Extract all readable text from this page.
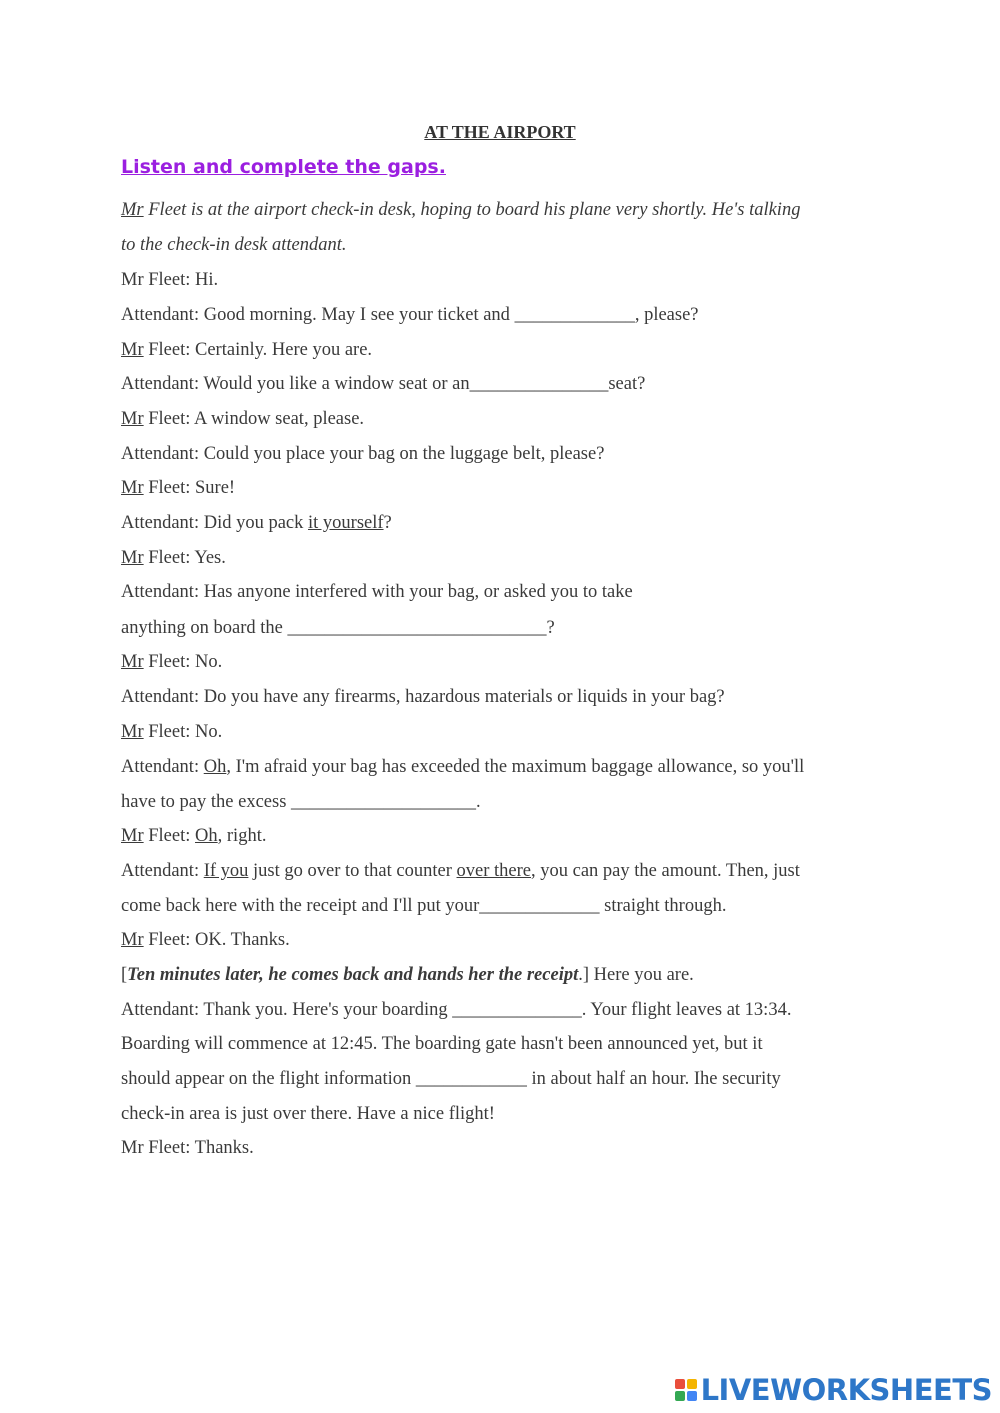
AT THE AIRPORT
Listen and complete the gaps.
Mr Fleet is at the airport check-in desk, hoping to board his plane very shortly. He's talking
to the check-in desk attendant.
Mr Fleet: Hi.
Attendant: Good morning. May I see your ticket and _____________, please?
Mr Fleet: Certainly. Here you are.
Attendant: Would you like a window seat or an_______________seat?
Mr Fleet: A window seat, please.
Attendant: Could you place your bag on the luggage belt, please?
Mr Fleet: Sure!
Attendant: Did you pack it yourself?
Mr Fleet: Yes.
Attendant: Has anyone interfered with your bag, or asked you to take
anything on board the ____________________________?
Mr Fleet: No.
Attendant: Do you have any firearms, hazardous materials or liquids in your bag?
Mr Fleet: No.
Attendant: Oh, I'm afraid your bag has exceeded the maximum baggage allowance, so you'll
have to pay the excess ____________________.
Mr Fleet: Oh, right.
Attendant: If you just go over to that counter over there, you can pay the amount. Then, just
come back here with the receipt and I'll put your_____________ straight through.
Mr Fleet: OK. Thanks.
[Ten minutes later, he comes back and hands her the receipt.] Here you are.
Attendant: Thank you. Here's your boarding ______________. Your flight leaves at 13:34.
Boarding will commence at 12:45. The boarding gate hasn't been announced yet, but it
should appear on the flight information ____________ in about half an hour. Ihe security
check-in area is just over there. Have a nice flight!
Mr Fleet: Thanks.
LIVEWORKSHEETS
